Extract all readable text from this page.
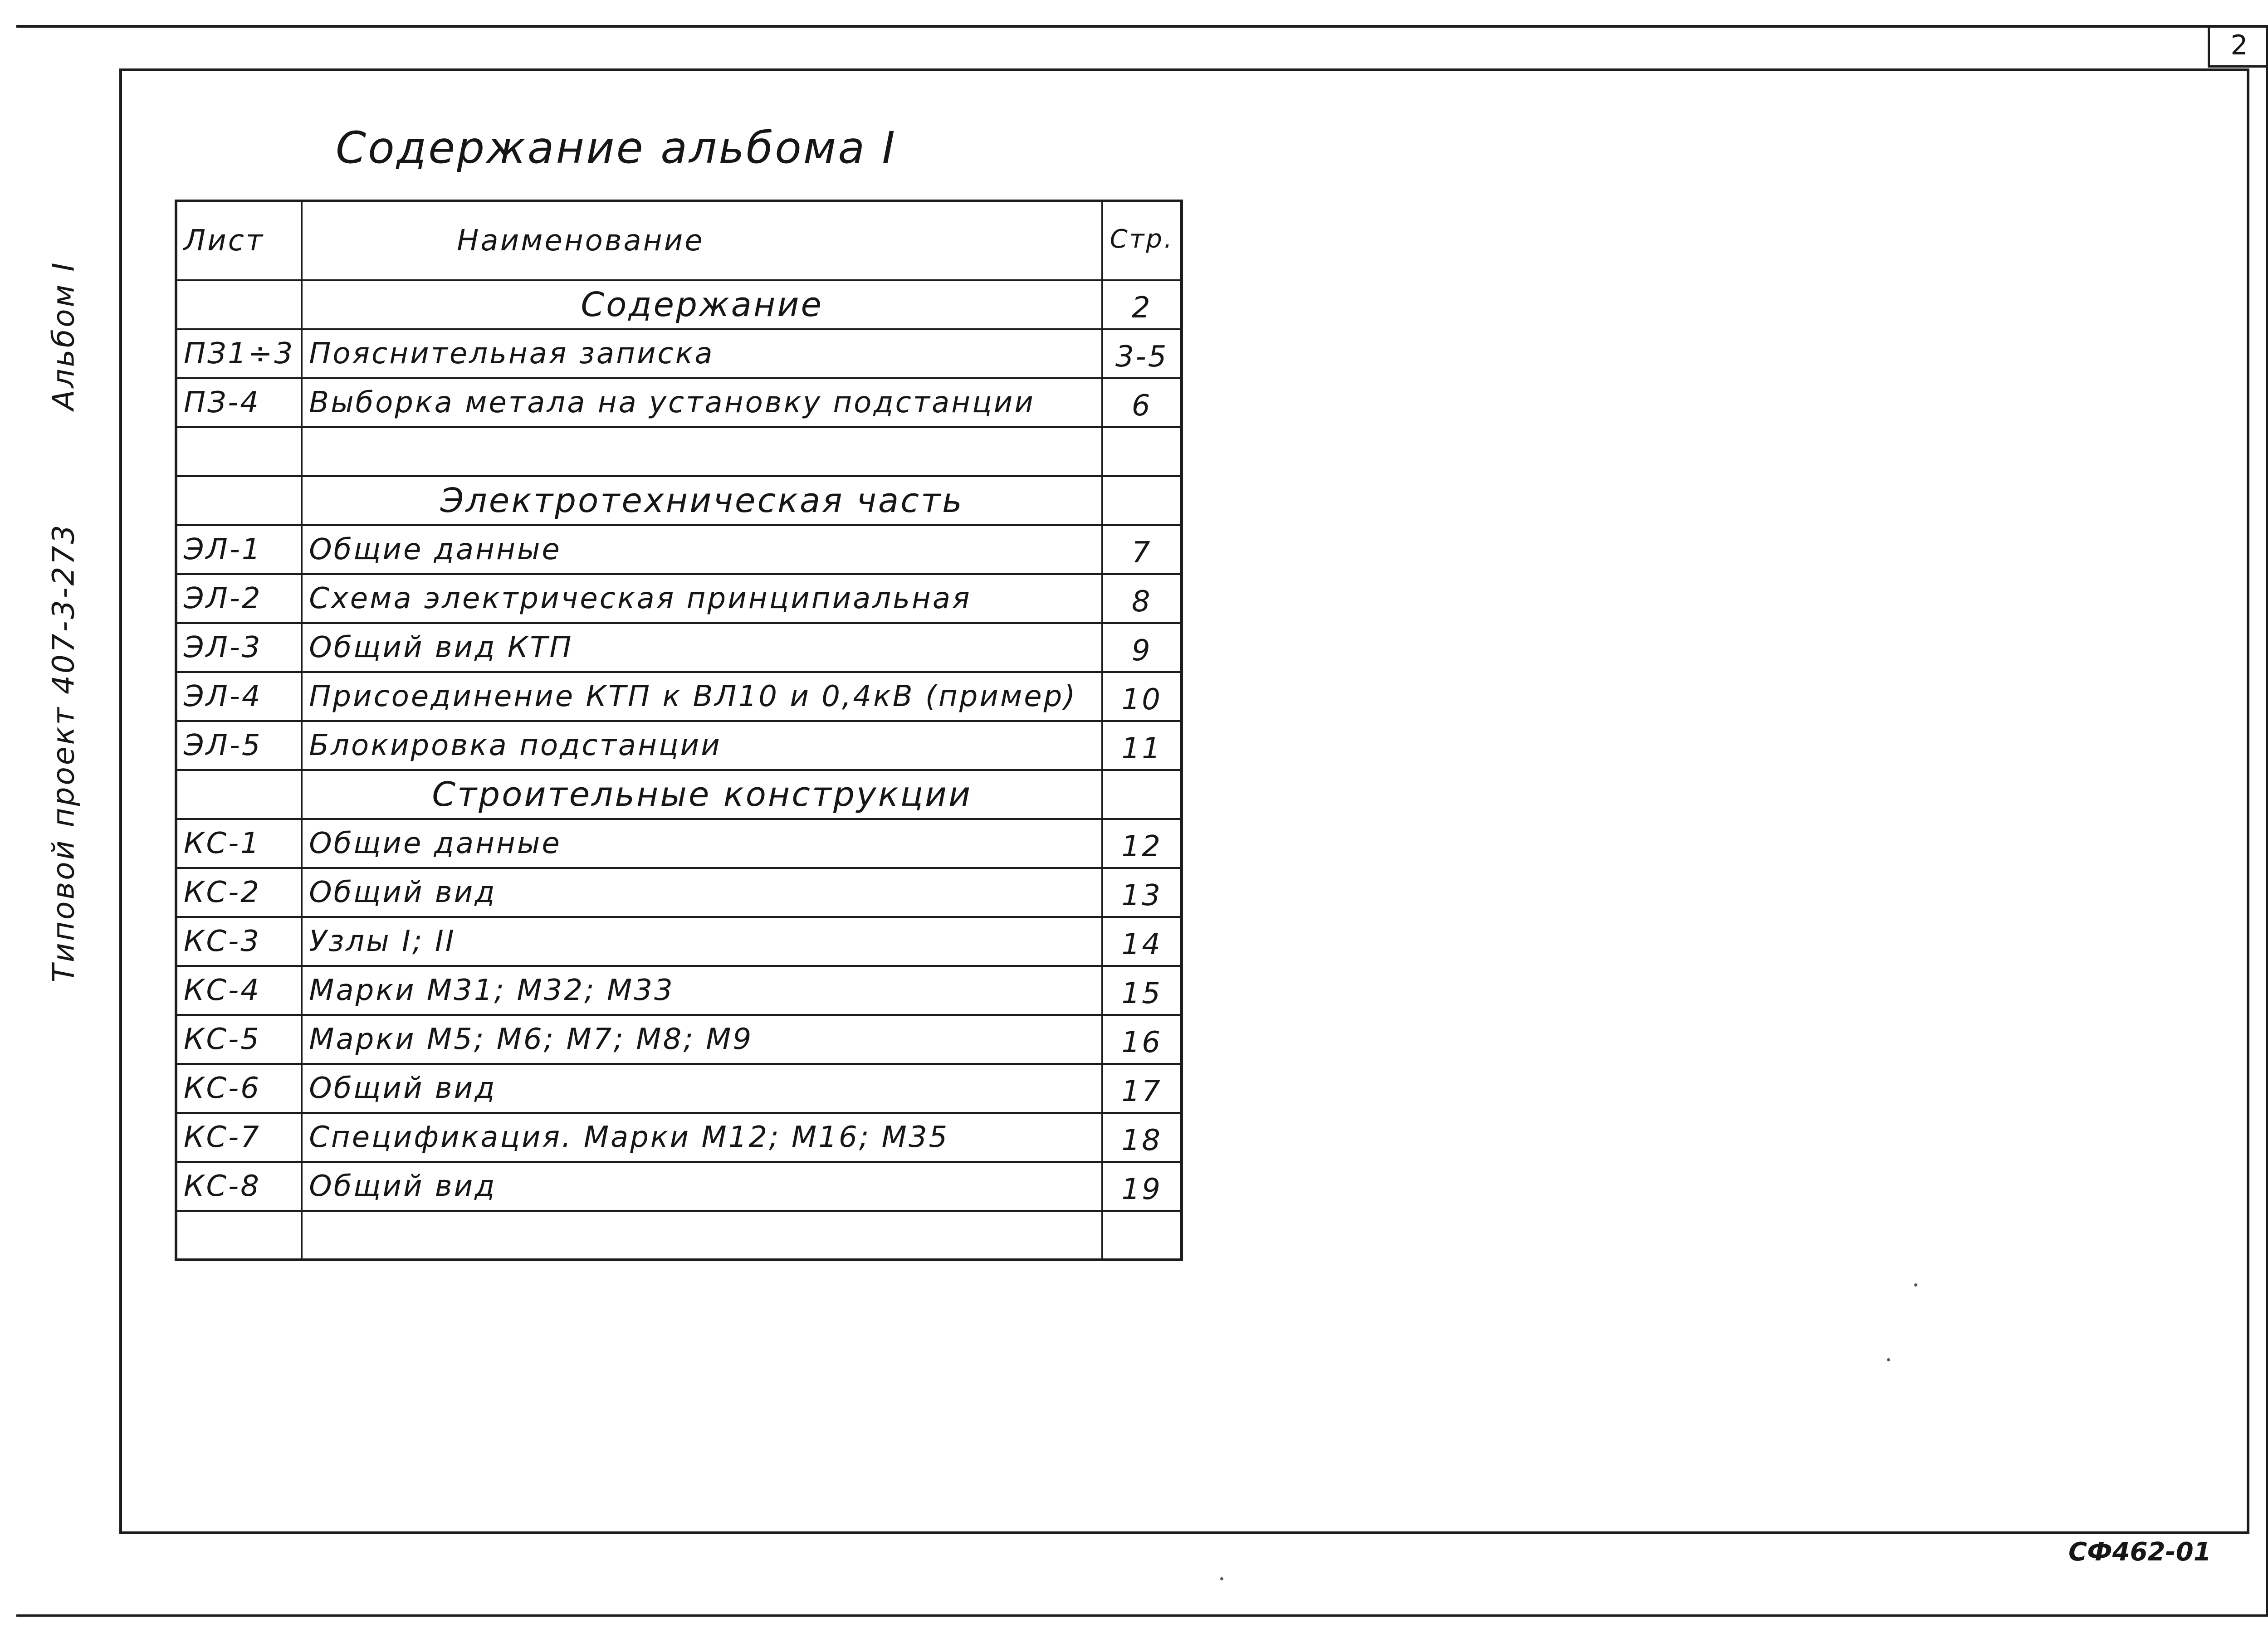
2
Альбом I
Типовой проект 407-3-273
Содержание альбома I
Лист	Наименование	Стр.
	Содержание	2
ПЗ1÷3	Пояснительная записка	3-5
ПЗ-4	Выборка метала на установку подстанции	6

	Электротехническая часть	
ЭЛ-1	Общие данные	7
ЭЛ-2	Схема электрическая принципиальная	8
ЭЛ-3	Общий вид КТП	9
ЭЛ-4	Присоединение КТП к ВЛ10 и 0,4кВ (пример)	10
ЭЛ-5	Блокировка подстанции	11
	Строительные конструкции	
КС-1	Общие данные	12
КС-2	Общий вид	13
КС-3	Узлы I; II	14
КС-4	Марки М31; М32; М33	15
КС-5	Марки М5; М6; М7; М8; М9	16
КС-6	Общий вид	17
КС-7	Спецификация. Марки М12; М16; М35	18
КС-8	Общий вид	19

СФ462-01
